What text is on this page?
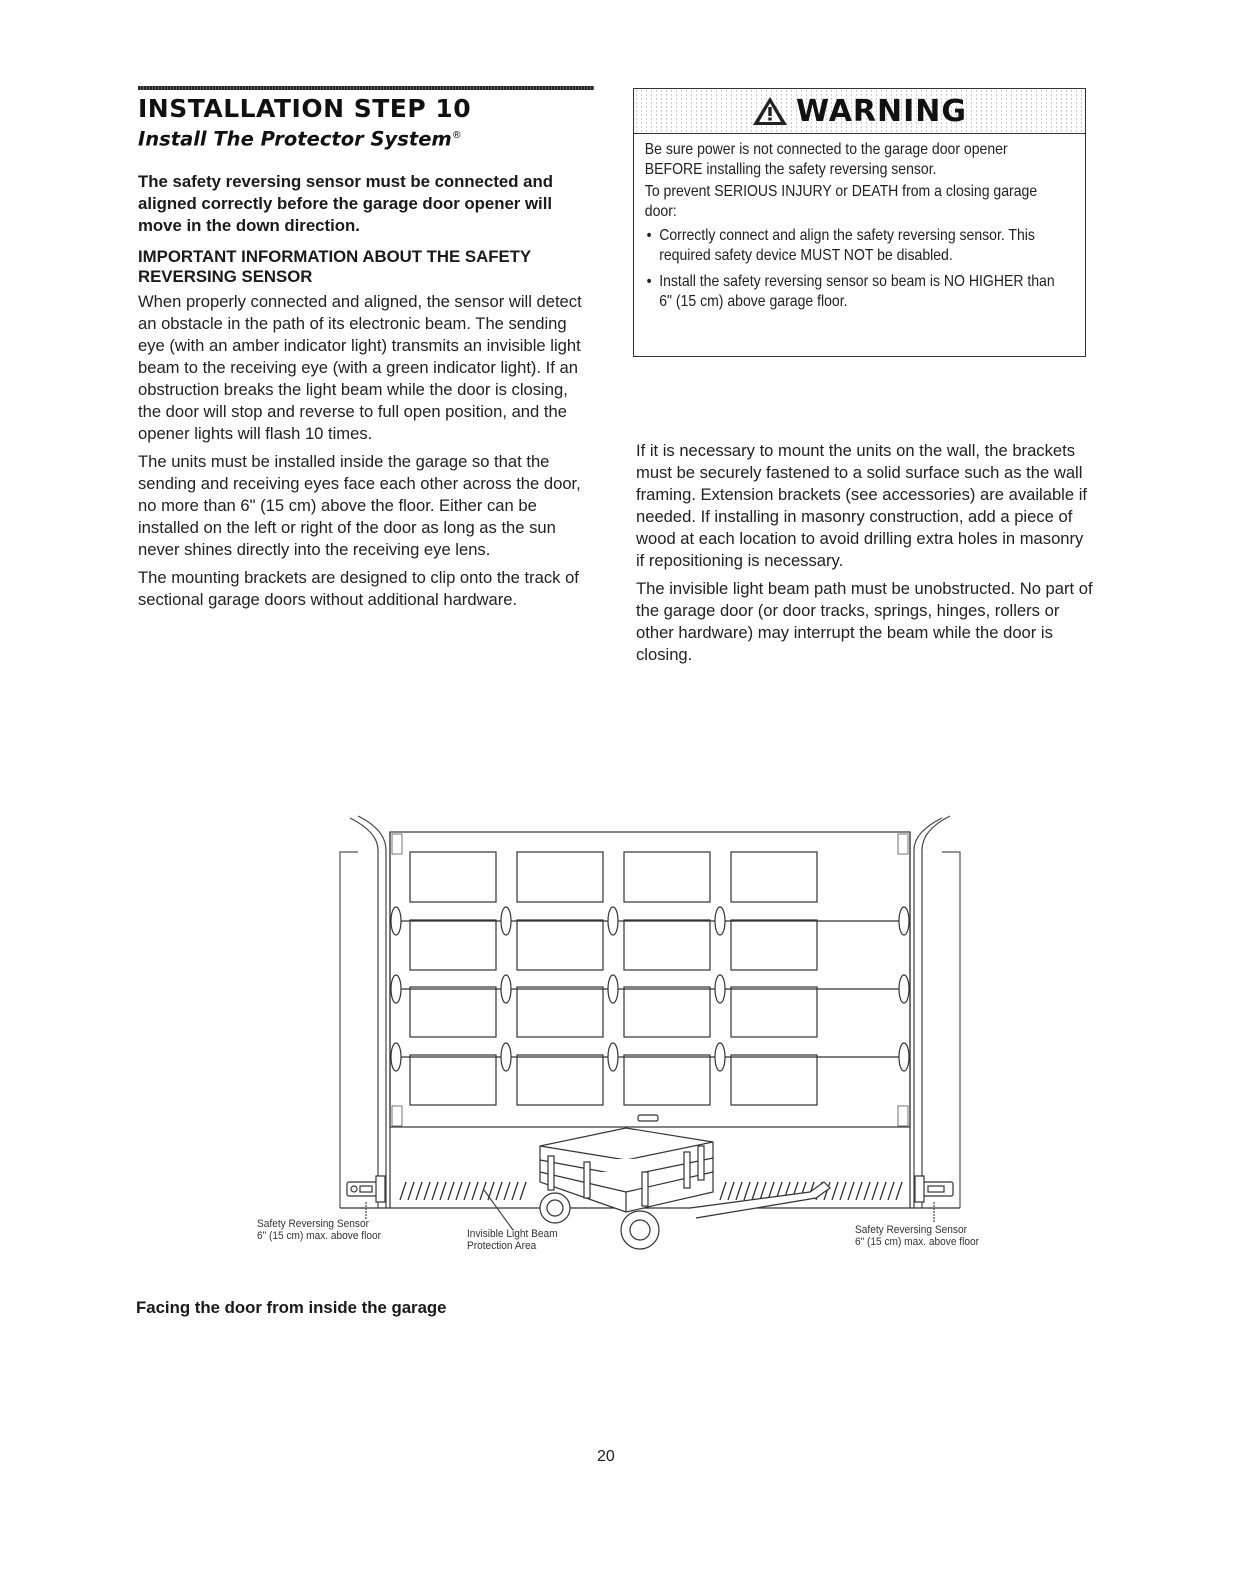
INSTALLATION STEP 10
Install The Protector System®

The safety reversing sensor must be connected and aligned correctly before the garage door opener will move in the down direction.

IMPORTANT INFORMATION ABOUT THE SAFETY REVERSING SENSOR

When properly connected and aligned, the sensor will detect an obstacle in the path of its electronic beam. The sending eye (with an amber indicator light) transmits an invisible light beam to the receiving eye (with a green indicator light). If an obstruction breaks the light beam while the door is closing, the door will stop and reverse to full open position, and the opener lights will flash 10 times.

The units must be installed inside the garage so that the sending and receiving eyes face each other across the door, no more than 6" (15 cm) above the floor. Either can be installed on the left or right of the door as long as the sun never shines directly into the receiving eye lens.

The mounting brackets are designed to clip onto the track of sectional garage doors without additional hardware.

WARNING

Be sure power is not connected to the garage door opener BEFORE installing the safety reversing sensor.

To prevent SERIOUS INJURY or DEATH from a closing garage door:

• Correctly connect and align the safety reversing sensor. This required safety device MUST NOT be disabled.
• Install the safety reversing sensor so beam is NO HIGHER than 6" (15 cm) above garage floor.

If it is necessary to mount the units on the wall, the brackets must be securely fastened to a solid surface such as the wall framing. Extension brackets (see accessories) are available if needed. If installing in masonry construction, add a piece of wood at each location to avoid drilling extra holes in masonry if repositioning is necessary.

The invisible light beam path must be unobstructed. No part of the garage door (or door tracks, springs, hinges, rollers or other hardware) may interrupt the beam while the door is closing.

Safety Reversing Sensor
6" (15 cm) max. above floor	Invisible Light Beam
Protection Area
Safety Reversing Sensor
6" (15 cm) max. above floor
Facing the door from inside the garage
20
